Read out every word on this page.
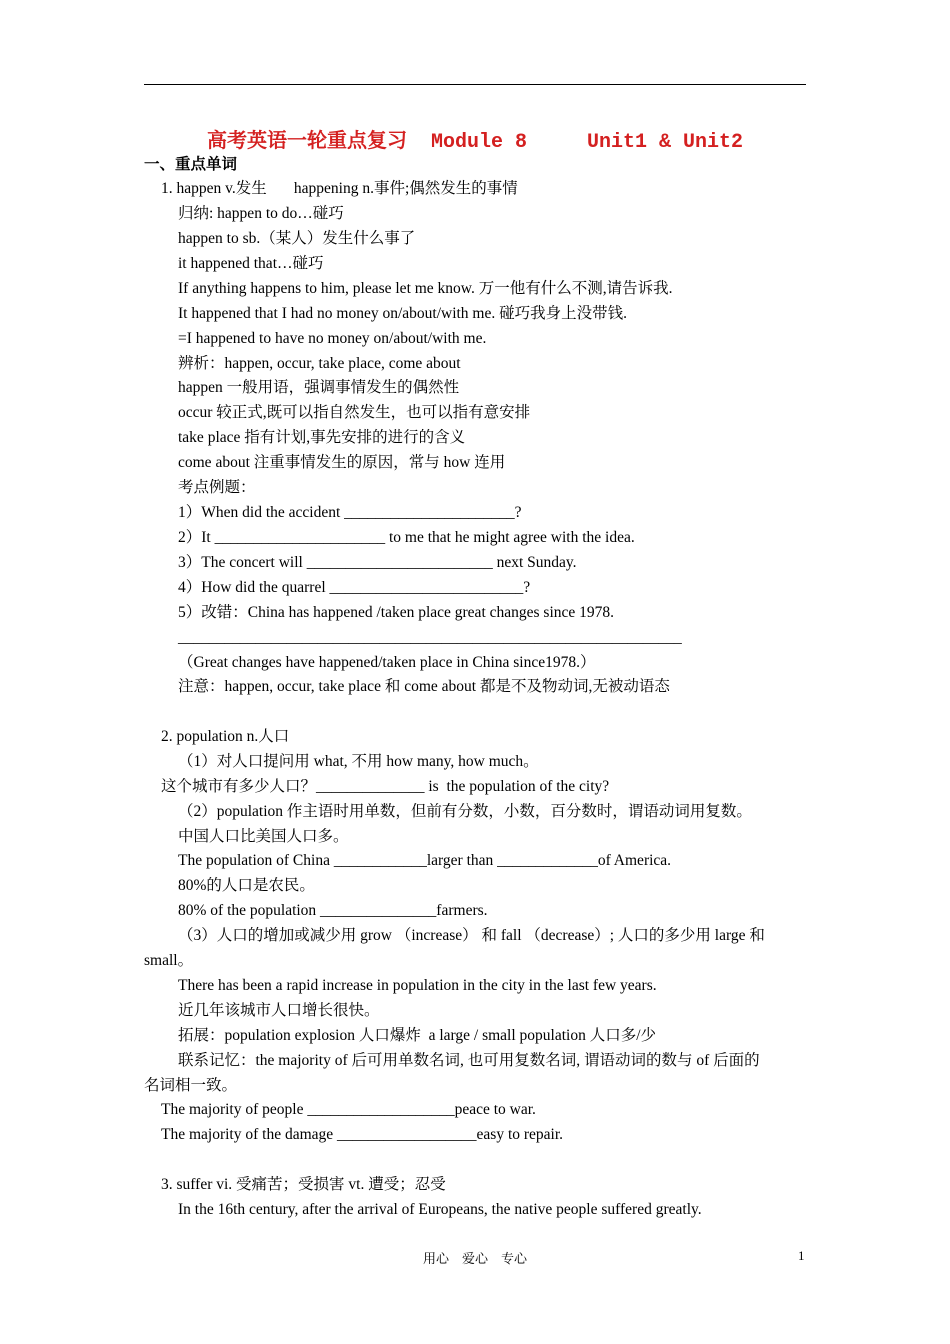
高考英语一轮重点复习  Module 8     Unit1 & Unit2
一、重点单词
1. happen v.发生       happening n.事件;偶然发生的事情
归纳: happen to do…碰巧
happen to sb.（某人）发生什么事了
it happened that…碰巧
If anything happens to him, please let me know. 万一他有什么不测,请告诉我.
It happened that I had no money on/about/with me. 碰巧我身上没带钱.
=I happened to have no money on/about/with me.
辨析：happen, occur, take place, come about
happen 一般用语，强调事情发生的偶然性
occur 较正式,既可以指自然发生，也可以指有意安排
take place 指有计划,事先安排的进行的含义
come about 注重事情发生的原因，常与 how 连用
考点例题：
1）When did the accident ______________________?
2）It ______________________ to me that he might agree with the idea.
3）The concert will ________________________ next Sunday.
4）How did the quarrel _________________________?
5）改错：China has happened /taken place great changes since 1978.
_________________________________________________________________
（Great changes have happened/taken place in China since1978.）
注意：happen, occur, take place 和 come about 都是不及物动词,无被动语态
2. population n.人口
（1）对人口提问用 what, 不用 how many, how much。
这个城市有多少人口？______________ is  the population of the city?
（2）population 作主语时用单数，但前有分数，小数，百分数时，谓语动词用复数。
中国人口比美国人口多。
The population of China ____________larger than _____________of America.
80%的人口是农民。
80% of the population _______________farmers.
（3）人口的增加或减少用 grow （increase） 和 fall （decrease）; 人口的多少用 large 和
small。
There has been a rapid increase in population in the city in the last few years.
近几年该城市人口增长很快。
拓展：population explosion 人口爆炸  a large / small population 人口多/少
联系记忆：the majority of 后可用单数名词, 也可用复数名词, 谓语动词的数与 of 后面的
名词相一致。
The majority of people ___________________peace to war.
The majority of the damage __________________easy to repair.
3. suffer vi. 受痛苦；受损害 vt. 遭受；忍受
In the 16th century, after the arrival of Europeans, the native people suffered greatly.
用心    爱心    专心	1
